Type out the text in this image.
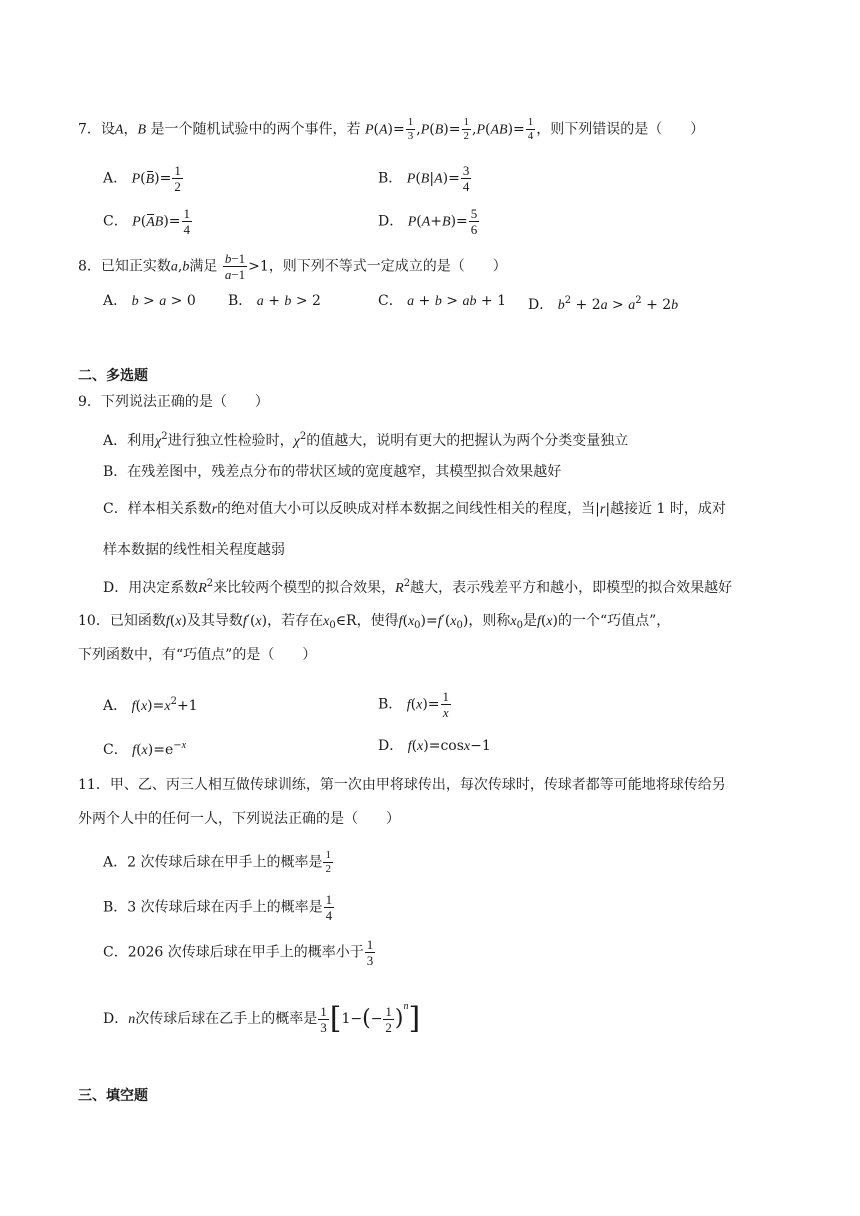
7．设A，B 是一个随机试验中的两个事件，若 $P(A)= \frac{1}{3} ,P(B)= \frac{1}{2} ,P(AB)= \frac{1}{4}$ ，则下列错误的是（　　）
A． $P(B)= \frac{1}{2}$	B． $P(B|A)= \frac{3}{4}$
C． $P(AB)= \frac{1}{4}$	D． $P(A+B)= \frac{5}{6}$
8．已知正实数a,b满足 $\frac{b-1}{a-1} >1$，则下列不等式一定成立的是（　　）
A． b > a > 0 B． a + b > 2	C． a + b > ab + 1 D． $b^2 + 2a > a^2 + 2b$
二、多选题
9．下列说法正确的是（　　）
A．利用$\chi^2$进行独立性检验时，$\chi^2$的值越大，说明有更大的把握认为两个分类变量独立
B．在残差图中，残差点分布的带状区域的宽度越窄，其模型拟合效果越好
C．样本相关系数r的绝对值大小可以反映成对样本数据之间线性相关的程度，当|r|越接近 1 时，成对
样本数据的线性相关程度越弱
D．用决定系数$R^2$来比较两个模型的拟合效果，$R^2$越大，表示残差平方和越小，即模型的拟合效果越好
10．已知函数f(x)及其导数f′(x)，若存在$x_0\in R$，使得$f(x_0)=f'(x_0)$，则称$x_0$是f(x)的一个“巧值点”，
下列函数中，有“巧值点”的是（　　）
A． $f(x)=x^2+1$	B． $f(x)= \frac{1}{x}$
C． $f(x)=e^{-x}$	D． f(x)=cosx−1
11．甲、乙、丙三人相互做传球训练，第一次由甲将球传出，每次传球时，传球者都等可能地将球传给另
外两个人中的任何一人，下列说法正确的是（　　）
A．2 次传球后球在甲手上的概率是 $\frac{1}{2}$
B．3 次传球后球在丙手上的概率是 $\frac{1}{4}$
C．2026 次传球后球在甲手上的概率小于 $\frac{1}{3}$
D．n次传球后球在乙手上的概率是 $\frac{1}{3} [1-(- \frac{1}{2} )^n]$
三、填空题
